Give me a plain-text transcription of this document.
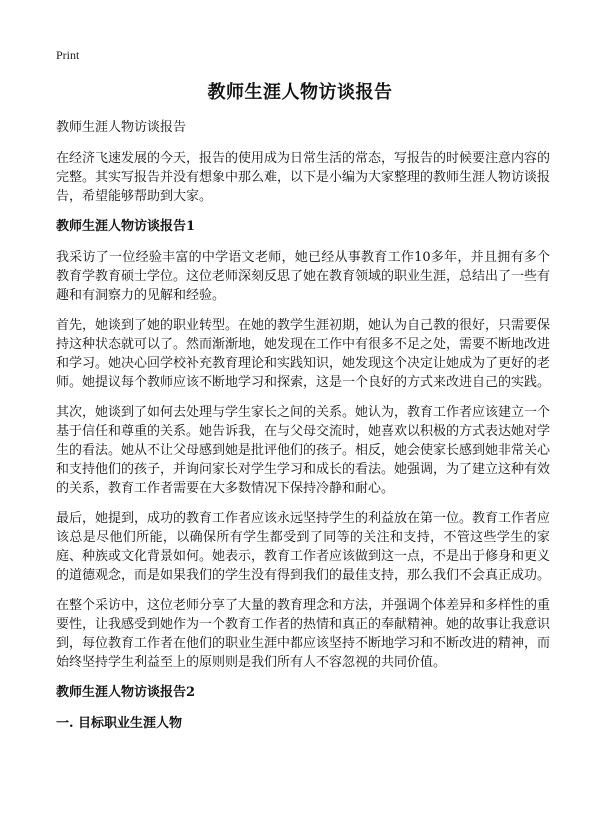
Print
教师生涯人物访谈报告

教师生涯人物访谈报告

在经济飞速发展的今天，报告的使用成为日常生活的常态，写报告的时候要注意内容的完整。其实写报告并没有想象中那么难，以下是小编为大家整理的教师生涯人物访谈报告，希望能够帮助到大家。

教师生涯人物访谈报告1

我采访了一位经验丰富的中学语文老师，她已经从事教育工作10多年，并且拥有多个教育学教育硕士学位。这位老师深刻反思了她在教育领域的职业生涯，总结出了一些有趣和有洞察力的见解和经验。

首先，她谈到了她的职业转型。在她的教学生涯初期，她认为自己教的很好，只需要保持这种状态就可以了。然而渐渐地，她发现在工作中有很多不足之处，需要不断地改进和学习。她决心回学校补充教育理论和实践知识，她发现这个决定让她成为了更好的老师。她提议每个教师应该不断地学习和探索，这是一个良好的方式来改进自己的实践。

其次，她谈到了如何去处理与学生家长之间的关系。她认为，教育工作者应该建立一个基于信任和尊重的关系。她告诉我，在与父母交流时，她喜欢以积极的方式表达她对学生的看法。她从不让父母感到她是批评他们的孩子。相反，她会使家长感到她非常关心和支持他们的孩子，并询问家长对学生学习和成长的看法。她强调，为了建立这种有效的关系，教育工作者需要在大多数情况下保持冷静和耐心。

最后，她提到，成功的教育工作者应该永远坚持学生的利益放在第一位。教育工作者应该总是尽他们所能，以确保所有学生都受到了同等的关注和支持，不管这些学生的家庭、种族或文化背景如何。她表示，教育工作者应该做到这一点，不是出于修身和更义的道德观念，而是如果我们的学生没有得到我们的最佳支持，那么我们不会真正成功。

在整个采访中，这位老师分享了大量的教育理念和方法，并强调个体差异和多样性的重要性，让我感受到她作为一个教育工作者的热情和真正的奉献精神。她的故事让我意识到，每位教育工作者在他们的职业生涯中都应该坚持不断地学习和不断改进的精神，而始终坚持学生利益至上的原则则是我们所有人不容忽视的共同价值。

教师生涯人物访谈报告2
一. 目标职业生涯人物
